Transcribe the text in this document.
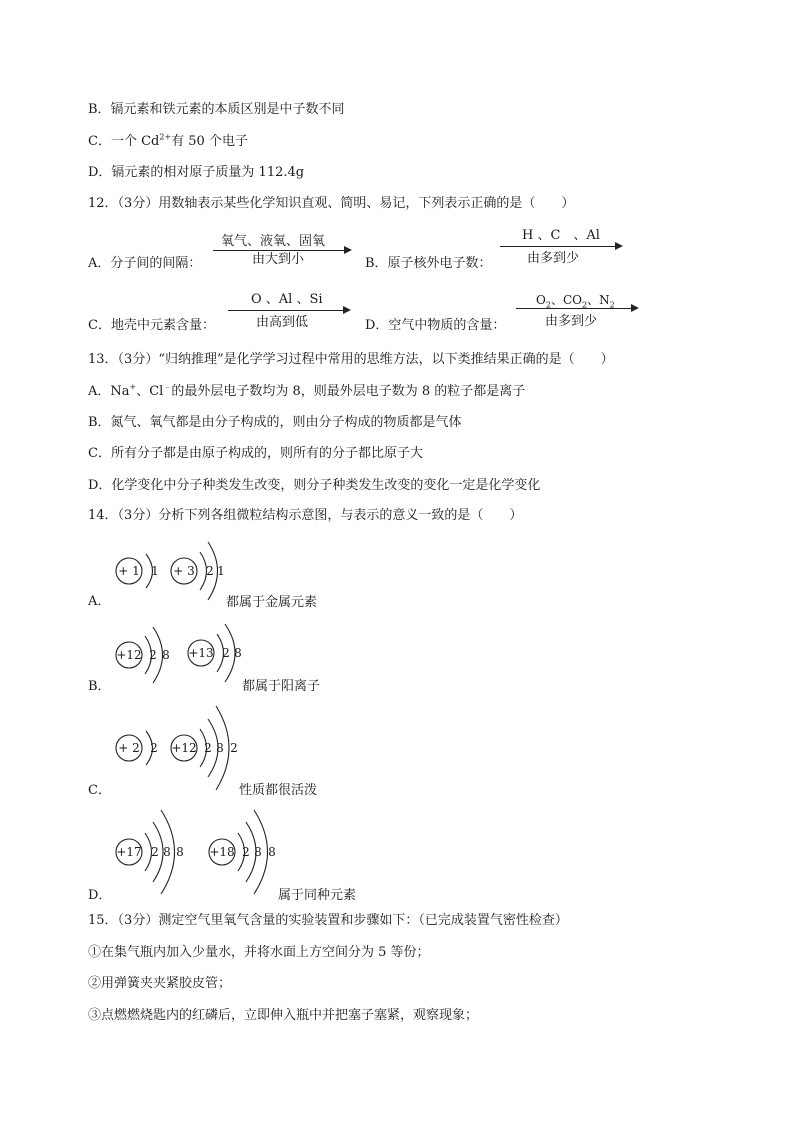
B．镉元素和铁元素的本质区别是中子数不同
C．一个 $Cd^{2+}$有 50 个电子
D．镉元素的相对原子质量为 112.4g
12．（3分）用数轴表示某些化学知识直观、简明、易记，下列表示正确的是（　　）
A．分子间的间隔：
氧气、液氧、固氧
由大到小	B．原子核外电子数：
H 、C　、Al
由多到少
C．地壳中元素含量：
O 、Al 、Si
由高到低	D．空气中物质的含量：
$O_2$、$CO_2$、$N_2$
由多到少
13．（3分）“归纳推理”是化学学习过程中常用的思维方法，以下类推结果正确的是（　　）
A．Na+、Cl﹣的最外层电子数均为 8，则最外层电子数为 8 的粒子都是离子
B．氮气、氧气都是由分子构成的，则由分子构成的物质都是气体
C．所有分子都是由原子构成的，则所有的分子都比原子大
D．化学变化中分子种类发生改变，则分子种类发生改变的变化一定是化学变化
14．（3分）分析下列各组微粒结构示意图，与表示的意义一致的是（　　）
A．
+ 1 1 + 3 2 1
都属于金属元素
B．
+12 2 8 +13 2 8
都属于阳离子
C．
+ 2 2 +12 2 8 2
性质都很活泼
D．
+17 2 8 8 +18 2 8 8
属于同种元素
15．（3分）测定空气里氧气含量的实验装置和步骤如下：（已完成装置气密性检查）
①在集气瓶内加入少量水，并将水面上方空间分为 5 等份；
②用弹簧夹夹紧胶皮管；
③点燃燃烧匙内的红磷后，立即伸入瓶中并把塞子塞紧，观察现象；
